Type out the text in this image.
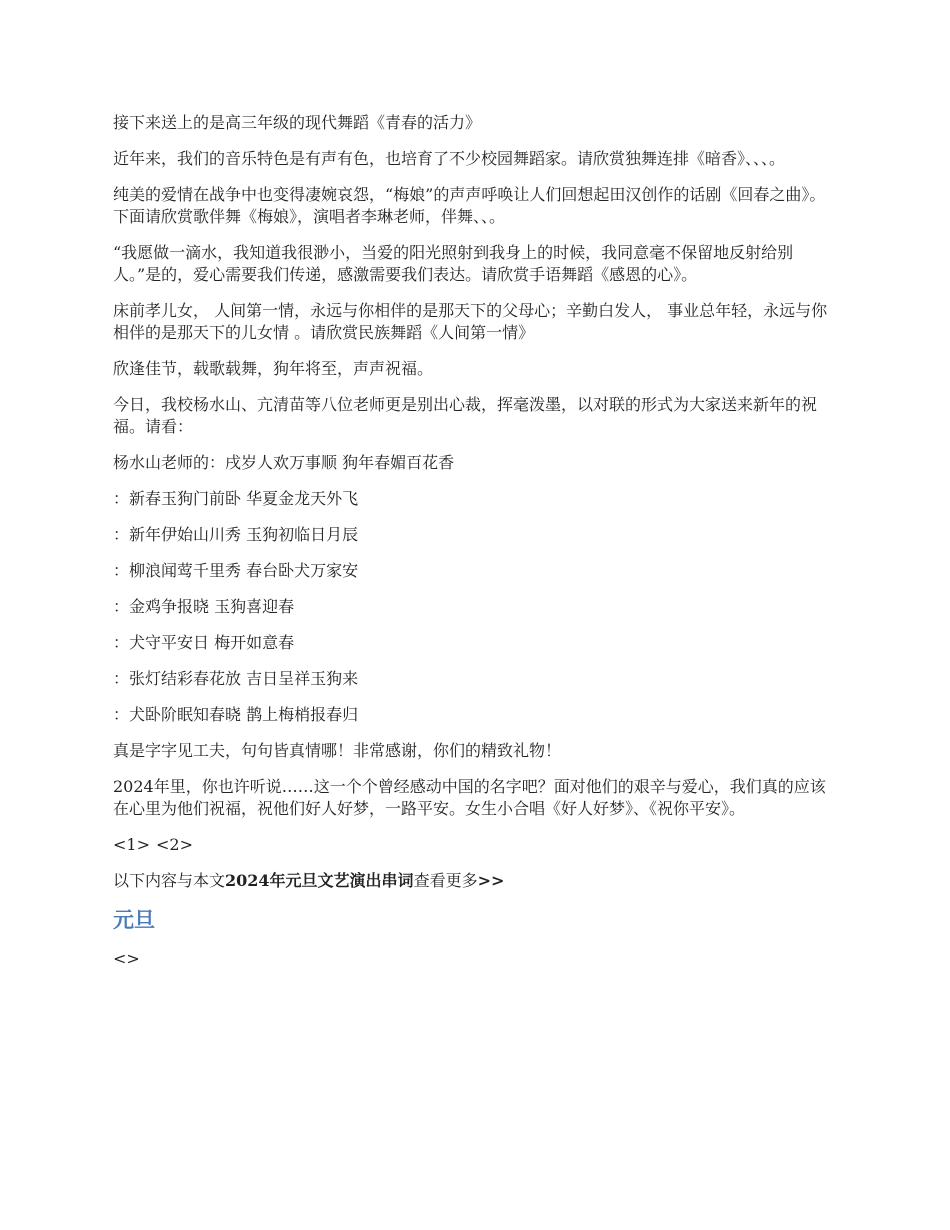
接下来送上的是高三年级的现代舞蹈《青春的活力》

近年来，我们的音乐特色是有声有色，也培育了不少校园舞蹈家。请欣赏独舞连排《暗香》、、、。

纯美的爱情在战争中也变得凄婉哀怨，“梅娘”的声声呼唤让人们回想起田汉创作的话剧《回春之曲》。下面请欣赏歌伴舞《梅娘》，演唱者李琳老师，伴舞、、。

“我愿做一滴水，我知道我很渺小，当爱的阳光照射到我身上的时候，我同意毫不保留地反射给别人。”是的，爱心需要我们传递，感激需要我们表达。请欣赏手语舞蹈《感恩的心》。

床前孝儿女， 人间第一情，永远与你相伴的是那天下的父母心；辛勤白发人， 事业总年轻，永远与你相伴的是那天下的儿女情 。请欣赏民族舞蹈《人间第一情》

欣逢佳节，载歌载舞，狗年将至，声声祝福。

今日，我校杨水山、亢清苗等八位老师更是别出心裁，挥毫泼墨，以对联的形式为大家送来新年的祝福。请看：

杨水山老师的：戌岁人欢万事顺 狗年春媚百花香

：新春玉狗门前卧 华夏金龙天外飞

：新年伊始山川秀 玉狗初临日月辰

：柳浪闻莺千里秀 春台卧犬万家安

：金鸡争报晓 玉狗喜迎春

：犬守平安日 梅开如意春

：张灯结彩春花放 吉日呈祥玉狗来

：犬卧阶眠知春晓 鹊上梅梢报春归

真是字字见工夫，句句皆真情哪！非常感谢，你们的精致礼物！

2024年里，你也许听说……这一个个曾经感动中国的名字吧？面对他们的艰辛与爱心，我们真的应该在心里为他们祝福，祝他们好人好梦，一路平安。女生小合唱《好人好梦》、《祝你平安》。

<1> <2>
以下内容与本文2024年元旦文艺演出串词查看更多>>
元旦
<>
